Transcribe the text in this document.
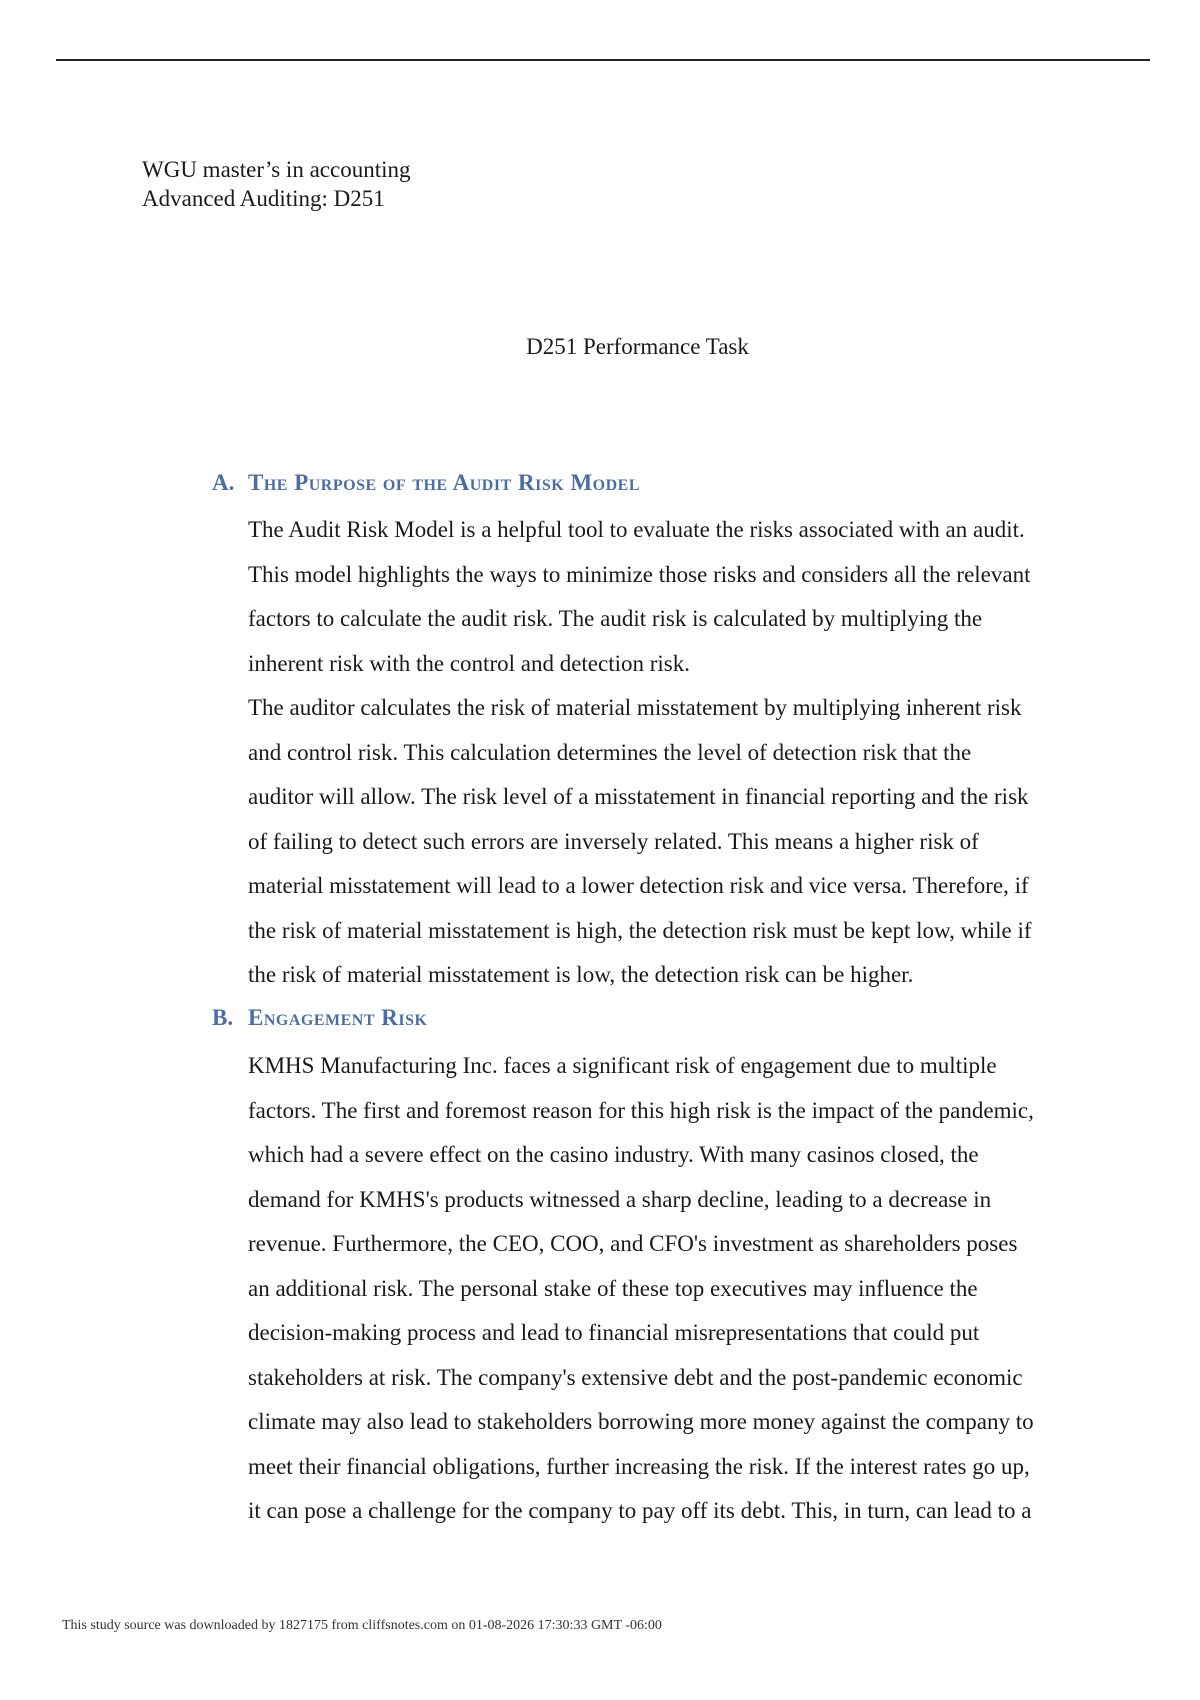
WGU master’s in accounting
Advanced Auditing: D251
D251 Performance Task
A. The Purpose of the Audit Risk Model
The Audit Risk Model is a helpful tool to evaluate the risks associated with an audit.
This model highlights the ways to minimize those risks and considers all the relevant
factors to calculate the audit risk. The audit risk is calculated by multiplying the
inherent risk with the control and detection risk.
The auditor calculates the risk of material misstatement by multiplying inherent risk
and control risk. This calculation determines the level of detection risk that the
auditor will allow. The risk level of a misstatement in financial reporting and the risk
of failing to detect such errors are inversely related. This means a higher risk of
material misstatement will lead to a lower detection risk and vice versa. Therefore, if
the risk of material misstatement is high, the detection risk must be kept low, while if
the risk of material misstatement is low, the detection risk can be higher.
B. Engagement Risk
KMHS Manufacturing Inc. faces a significant risk of engagement due to multiple
factors. The first and foremost reason for this high risk is the impact of the pandemic,
which had a severe effect on the casino industry. With many casinos closed, the
demand for KMHS's products witnessed a sharp decline, leading to a decrease in
revenue. Furthermore, the CEO, COO, and CFO's investment as shareholders poses
an additional risk. The personal stake of these top executives may influence the
decision-making process and lead to financial misrepresentations that could put
stakeholders at risk. The company's extensive debt and the post-pandemic economic
climate may also lead to stakeholders borrowing more money against the company to
meet their financial obligations, further increasing the risk. If the interest rates go up,
it can pose a challenge for the company to pay off its debt. This, in turn, can lead to a
This study source was downloaded by 1827175 from cliffsnotes.com on 01-08-2026 17:30:33 GMT -06:00
